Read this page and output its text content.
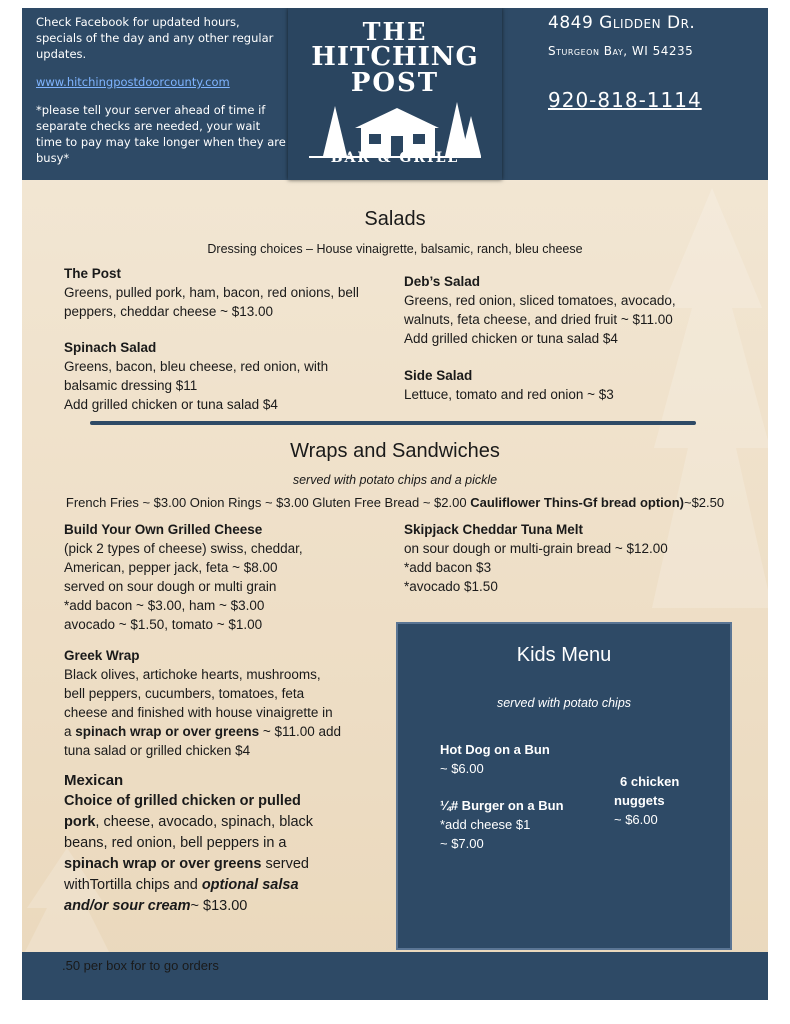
Check Facebook for updated hours, specials of the day and any other regular updates.

www.hitchingpostdoorcounty.com

*please tell your server ahead of time if separate checks are needed, your wait time to pay may take longer when they are busy*

THE
HITCHING
POST
BAR & GRILL
4849 Glidden Dr.
Sturgeon Bay, WI 54235
920-818-1114
Salads
Dressing choices – House vinaigrette, balsamic, ranch, bleu cheese
The Post
Greens, pulled pork, ham, bacon, red onions, bell peppers, cheddar cheese ~ $13.00
Spinach Salad
Greens, bacon, bleu cheese, red onion, with balsamic dressing $11
Add grilled chicken or tuna salad $4
Deb’s Salad
Greens, red onion, sliced tomatoes, avocado, walnuts, feta cheese, and dried fruit ~ $11.00
Add grilled chicken or tuna salad $4
Side Salad
Lettuce, tomato and red onion ~ $3
Wraps and Sandwiches
served with potato chips and a pickle
French Fries ~ $3.00 Onion Rings ~ $3.00 Gluten Free Bread ~ $2.00 Cauliflower Thins-Gf bread option)~$2.50
Build Your Own Grilled Cheese
(pick 2 types of cheese) swiss, cheddar,
American, pepper jack, feta ~ $8.00
served on sour dough or multi grain
*add bacon ~ $3.00, ham ~ $3.00
avocado ~ $1.50, tomato ~ $1.00
Greek Wrap
Black olives, artichoke hearts, mushrooms,
bell peppers, cucumbers, tomatoes, feta
cheese and finished with house vinaigrette in
a spinach wrap or over greens ~ $11.00 add
tuna salad or grilled chicken $4
Mexican
Choice of grilled chicken or pulled
pork, cheese, avocado, spinach, black
beans, red onion, bell peppers in a
spinach wrap or over greens served
withTortilla chips and optional salsa
and/or sour cream~ $13.00
Skipjack Cheddar Tuna Melt
on sour dough or multi-grain bread ~ $12.00
*add bacon $3
*avocado $1.50
Kids Menu
served with potato chips
Hot Dog on a Bun
~ $6.00
¼# Burger on a Bun
*add cheese $1
~ $7.00
6 chicken
nuggets
~ $6.00
.50 per box for to go orders
